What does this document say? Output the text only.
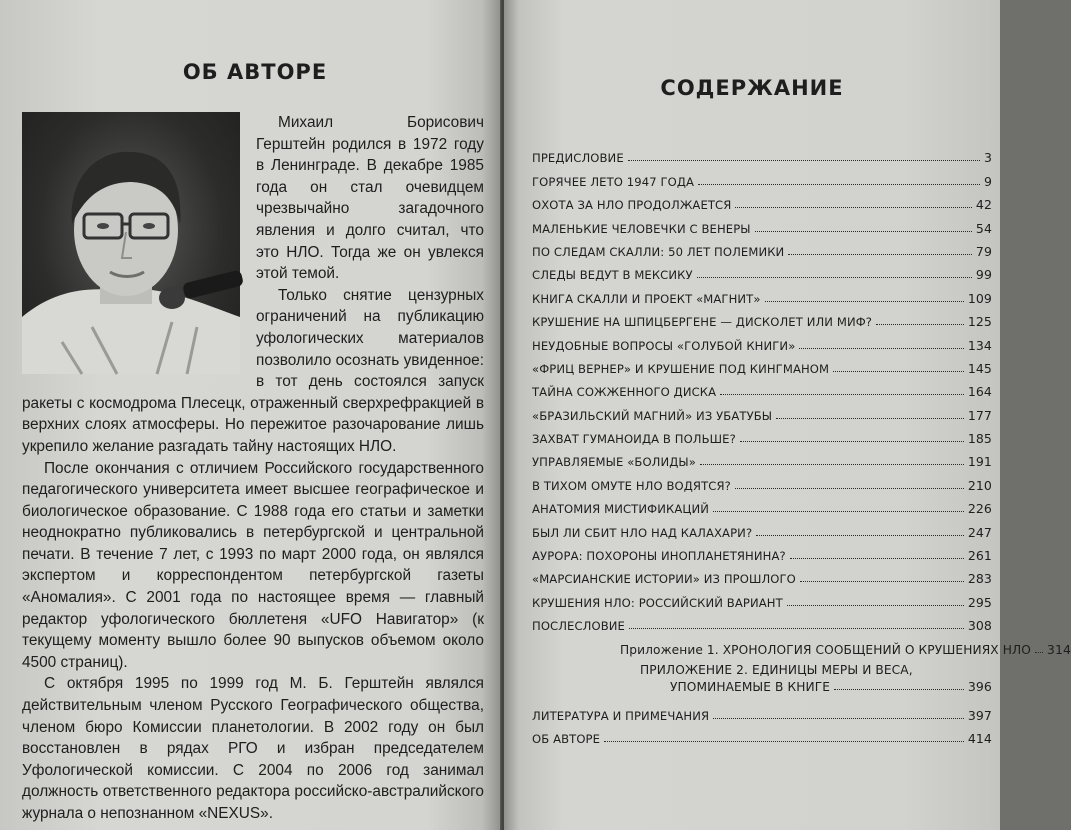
ОБ АВТОРЕ

Михаил Борисович Герштейн родился в 1972 году в Ленинграде. В декабре 1985 года он стал очевидцем чрезвычайно загадочного явления и долго считал, что это НЛО. Тогда же он увлекся этой темой.

Только снятие цензурных ограничений на публикацию уфологических материалов позволило осознать увиденное: в тот день состоялся запуск ракеты с космодрома Плесецк, отраженный сверхрефракцией в верхних слоях атмосферы. Но пережитое разочарование лишь укрепило желание разгадать тайну настоящих НЛО.

После окончания с отличием Российского государственного педагогического университета имеет высшее географическое и биологическое образование. С 1988 года его статьи и заметки неоднократно публиковались в петербургской и центральной печати. В течение 7 лет, с 1993 по март 2000 года, он являлся экспертом и корреспондентом петербургской газеты «Аномалия». С 2001 года по настоящее время — главный редактор уфологического бюллетеня «UFO Навигатор» (к текущему моменту вышло более 90 выпусков объемом около 4500 страниц).

С октября 1995 по 1999 год М. Б. Герштейн являлся действительным членом Русского Географического общества, членом бюро Комиссии планетологии. В 2002 году он был восстановлен в рядах РГО и избран председателем Уфологической комиссии. С 2004 по 2006 год занимал должность ответственного редактора российско-австралийского журнала о непознанном «NEXUS».

СОДЕРЖАНИЕ
ПРЕДИСЛОВИЕ	3
ГОРЯЧЕЕ ЛЕТО 1947 ГОДА	9
ОХОТА ЗА НЛО ПРОДОЛЖАЕТСЯ	42
МАЛЕНЬКИЕ ЧЕЛОВЕЧКИ С ВЕНЕРЫ	54
ПО СЛЕДАМ СКАЛЛИ: 50 ЛЕТ ПОЛЕМИКИ	79
СЛЕДЫ ВЕДУТ В МЕКСИКУ	99
КНИГА СКАЛЛИ И ПРОЕКТ «МАГНИТ»	109
КРУШЕНИЕ НА ШПИЦБЕРГЕНЕ — ДИСКОЛЕТ ИЛИ МИФ?	125
НЕУДОБНЫЕ ВОПРОСЫ «ГОЛУБОЙ КНИГИ»	134
«ФРИЦ ВЕРНЕР» И КРУШЕНИЕ ПОД КИНГМАНОМ	145
ТАЙНА СОЖЖЕННОГО ДИСКА	164
«БРАЗИЛЬСКИЙ МАГНИЙ» ИЗ УБАТУБЫ	177
ЗАХВАТ ГУМАНОИДА В ПОЛЬШЕ?	185
УПРАВЛЯЕМЫЕ «БОЛИДЫ»	191
В ТИХОМ ОМУТЕ НЛО ВОДЯТСЯ?	210
АНАТОМИЯ МИСТИФИКАЦИЙ	226
БЫЛ ЛИ СБИТ НЛО НАД КАЛАХАРИ?	247
АУРОРА: ПОХОРОНЫ ИНОПЛАНЕТЯНИНА?	261
«МАРСИАНСКИЕ ИСТОРИИ» ИЗ ПРОШЛОГО	283
КРУШЕНИЯ НЛО: РОССИЙСКИЙ ВАРИАНТ	295
ПОСЛЕСЛОВИЕ	308
Приложение 1. ХРОНОЛОГИЯ СООБЩЕНИЙ О КРУШЕНИЯХ НЛО 314
ПРИЛОЖЕНИЕ 2. ЕДИНИЦЫ МЕРЫ И ВЕСА,
УПОМИНАЕМЫЕ В КНИГЕ	396
ЛИТЕРАТУРА И ПРИМЕЧАНИЯ	397
ОБ АВТОРЕ	414
